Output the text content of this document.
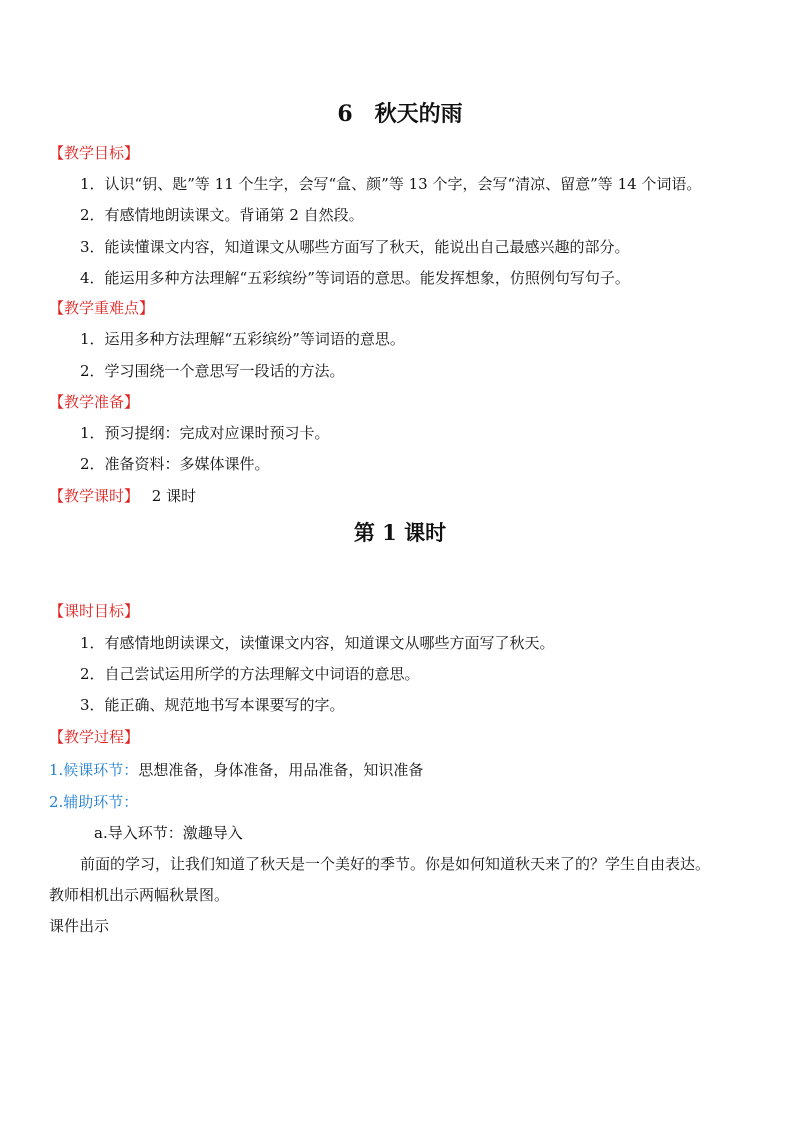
6　秋天的雨
【教学目标】
1．认识“钥、匙”等 11 个生字，会写“盒、颜”等 13 个字，会写“清凉、留意”等 14 个词语。
2．有感情地朗读课文。背诵第 2 自然段。
3．能读懂课文内容，知道课文从哪些方面写了秋天，能说出自己最感兴趣的部分。
4．能运用多种方法理解“五彩缤纷”等词语的意思。能发挥想象，仿照例句写句子。
【教学重难点】
1．运用多种方法理解“五彩缤纷”等词语的意思。
2．学习围绕一个意思写一段话的方法。
【教学准备】
1．预习提纲：完成对应课时预习卡。
2．准备资料：多媒体课件。
【教学课时】 2 课时
第 1 课时
【课时目标】
1．有感情地朗读课文，读懂课文内容，知道课文从哪些方面写了秋天。
2．自己尝试运用所学的方法理解文中词语的意思。
3．能正确、规范地书写本课要写的字。
【教学过程】
1.候课环节：思想准备，身体准备，用品准备，知识准备
2.辅助环节：
a.导入环节：激趣导入
前面的学习，让我们知道了秋天是一个美好的季节。你是如何知道秋天来了的？学生自由表达。
教师相机出示两幅秋景图。
课件出示
